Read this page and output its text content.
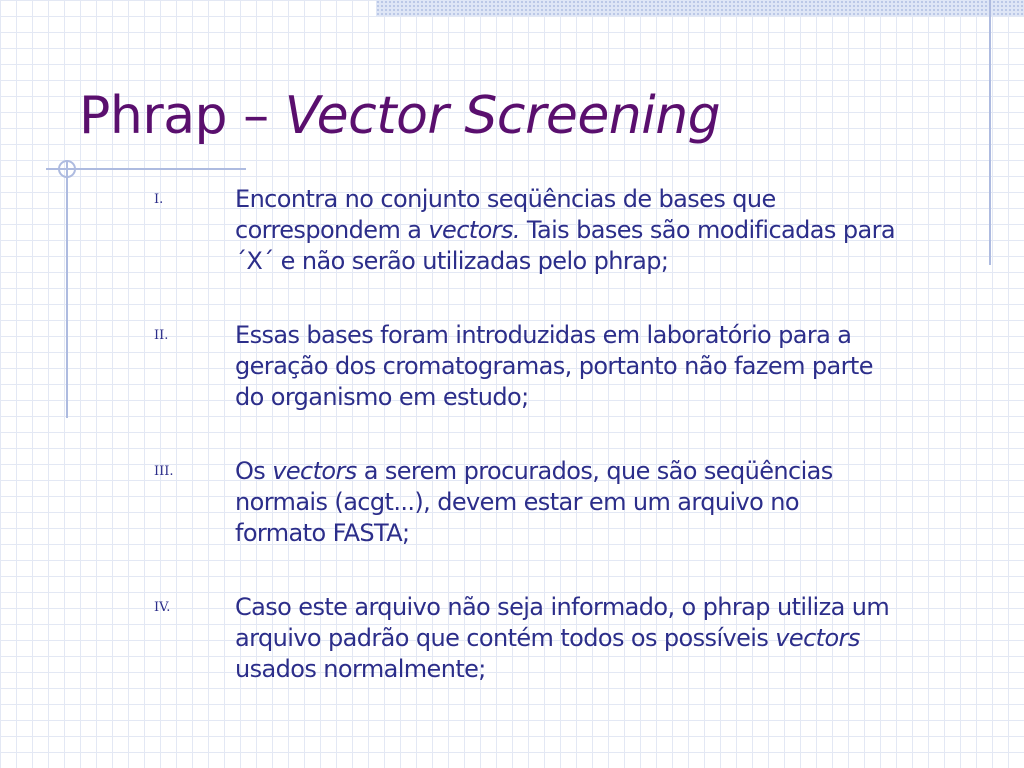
Phrap – Vector Screening
I.	Encontra no conjunto seqüências de bases que
correspondem a vectors. Tais bases são modificadas para
´X´ e não serão utilizadas pelo phrap;

II.	Essas bases foram introduzidas em laboratório para a
geração dos cromatogramas, portanto não fazem parte
do organismo em estudo;

III.	Os vectors a serem procurados, que são seqüências
normais (acgt...), devem estar em um arquivo no
formato FASTA;

IV.	Caso este arquivo não seja informado, o phrap utiliza um
arquivo padrão que contém todos os possíveis vectors
usados normalmente;
